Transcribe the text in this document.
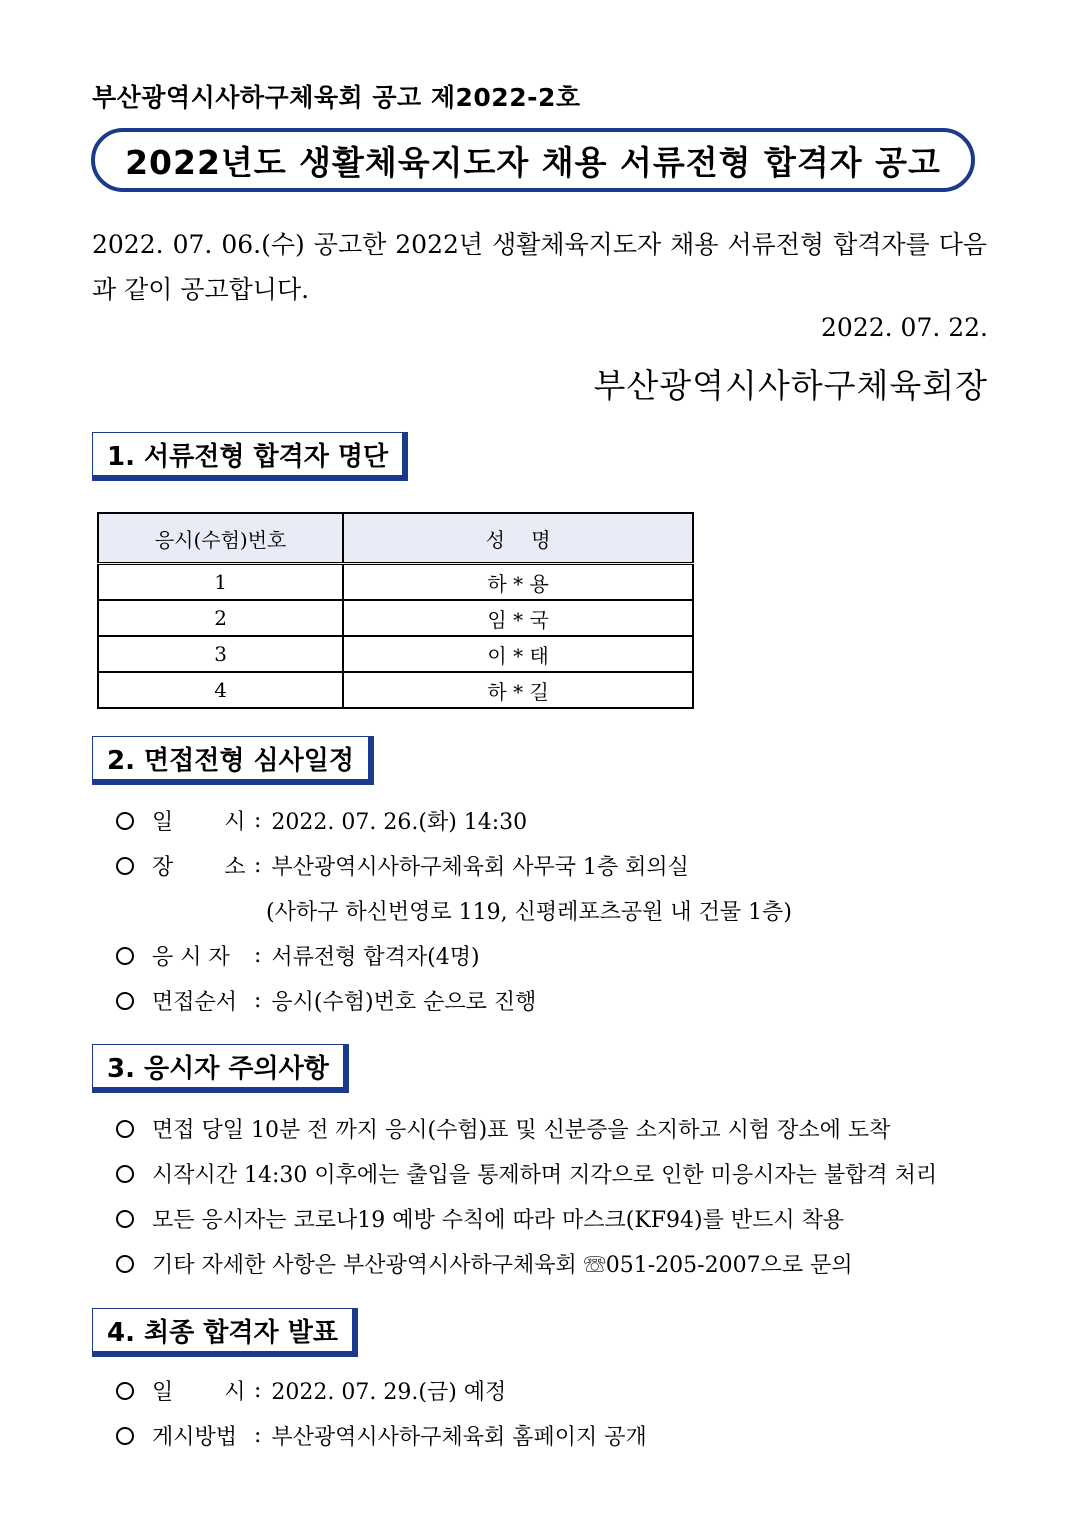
부산광역시사하구체육회 공고 제2022-2호
2022년도 생활체육지도자 채용 서류전형 합격자 공고
2022. 07. 06.(수) 공고한 2022년 생활체육지도자 채용 서류전형 합격자를 다음과 같이 공고합니다.
2022. 07. 22.
부산광역시사하구체육회장
1. 서류전형 합격자 명단
응시(수험)번호	성　 명
1	하 * 용
2	임 * 국
3	이 * 태
4	하 * 길
2. 면접전형 심사일정
일　 　시 : 2022. 07. 26.(화) 14:30
장　 　소 : 부산광역시사하구체육회 사무국 1층 회의실
(사하구 하신번영로 119, 신평레포츠공원 내 건물 1층)
응 시 자	: 서류전형 합격자(4명)
면접순서 : 응시(수험)번호 순으로 진행
3. 응시자 주의사항
면접 당일 10분 전 까지 응시(수험)표 및 신분증을 소지하고 시험 장소에 도착
시작시간 14:30 이후에는 출입을 통제하며 지각으로 인한 미응시자는 불합격 처리
모든 응시자는 코로나19 예방 수칙에 따라 마스크(KF94)를 반드시 착용
기타 자세한 사항은 부산광역시사하구체육회 ☏051-205-2007으로 문의
4. 최종 합격자 발표
일　 　시 : 2022. 07. 29.(금) 예정
게시방법 : 부산광역시사하구체육회 홈페이지 공개
